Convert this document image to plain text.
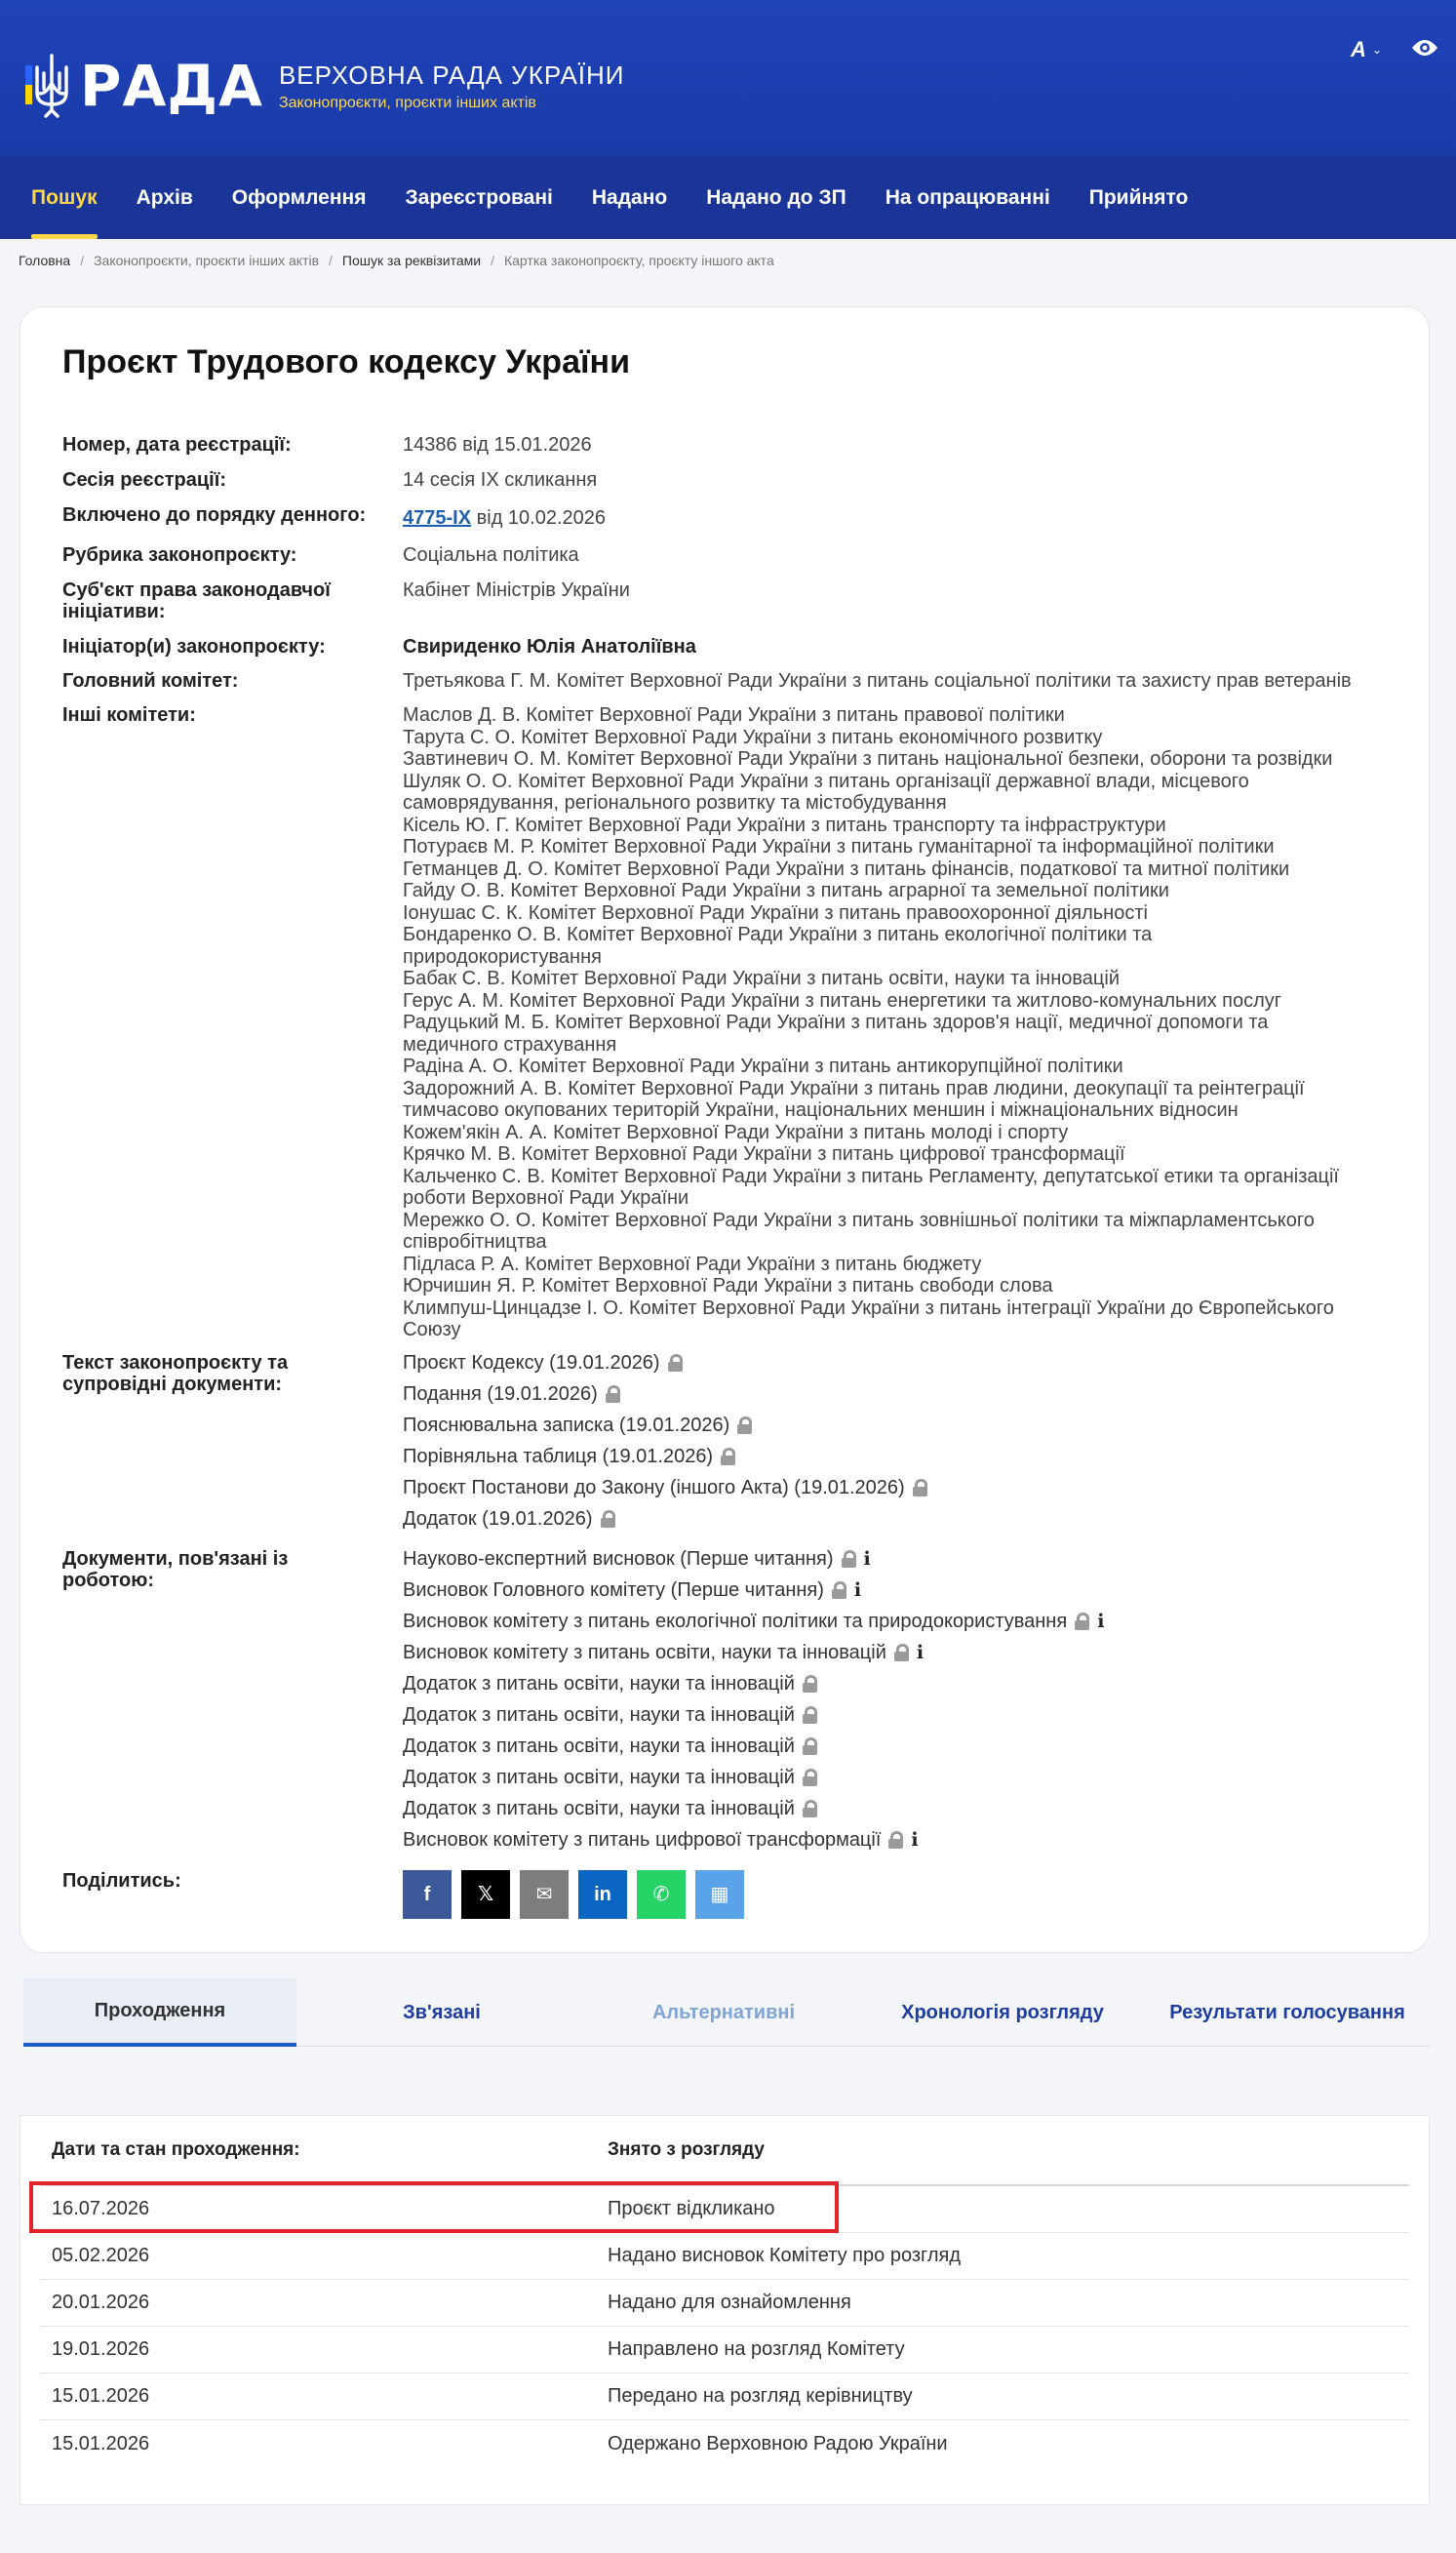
РАДА ВЕРХОВНА РАДА УКРАЇНИ
Законопроєкти, проєкти інших актів
A ⌄
Пошук	Архів	Оформлення	Зареєстровані	Надано	Надано до ЗП	На опрацюванні	Прийнято
Головна / Законопроєкти, проєкти інших актів / Пошук за реквізитами / Картка законопроєкту, проєкту іншого акта
Проєкт Трудового кодексу України
Номер, дата реєстрації:	14386 від 15.01.2026
Сесія реєстрації:	14 сесія IX скликання
Включено до порядку денного:	4775-IX від 10.02.2026
Рубрика законопроєкту:	Соціальна політика
Суб'єкт права законодавчої ініціативи:
Кабінет Міністрів України
Ініціатор(и) законопроєкту:	Свириденко Юлія Анатоліївна
Головний комітет:	Третьякова Г. М. Комітет Верховної Ради України з питань соціальної політики та захисту прав ветеранів
Інші комітети:	Маслов Д. В. Комітет Верховної Ради України з питань правової політики
Тарута С. О. Комітет Верховної Ради України з питань економічного розвитку
Завтиневич О. М. Комітет Верховної Ради України з питань національної безпеки, оборони та розвідки
Шуляк О. О. Комітет Верховної Ради України з питань організації державної влади, місцевого
самоврядування, регіонального розвитку та містобудування
Кісель Ю. Г. Комітет Верховної Ради України з питань транспорту та інфраструктури
Потураєв М. Р. Комітет Верховної Ради України з питань гуманітарної та інформаційної політики
Гетманцев Д. О. Комітет Верховної Ради України з питань фінансів, податкової та митної політики
Гайду О. В. Комітет Верховної Ради України з питань аграрної та земельної політики
Іонушас С. К. Комітет Верховної Ради України з питань правоохоронної діяльності
Бондаренко О. В. Комітет Верховної Ради України з питань екологічної політики та
природокористування
Бабак С. В. Комітет Верховної Ради України з питань освіти, науки та інновацій
Герус А. М. Комітет Верховної Ради України з питань енергетики та житлово-комунальних послуг
Радуцький М. Б. Комітет Верховної Ради України з питань здоров'я нації, медичної допомоги та
медичного страхування
Радіна А. О. Комітет Верховної Ради України з питань антикорупційної політики
Задорожний А. В. Комітет Верховної Ради України з питань прав людини, деокупації та реінтеграції
тимчасово окупованих територій України, національних меншин і міжнаціональних відносин
Кожем'якін А. А. Комітет Верховної Ради України з питань молоді і спорту
Крячко М. В. Комітет Верховної Ради України з питань цифрової трансформації
Кальченко С. В. Комітет Верховної Ради України з питань Регламенту, депутатської етики та організації
роботи Верховної Ради України
Мережко О. О. Комітет Верховної Ради України з питань зовнішньої політики та міжпарламентського
співробітництва
Підласа Р. А. Комітет Верховної Ради України з питань бюджету
Юрчишин Я. Р. Комітет Верховної Ради України з питань свободи слова
Климпуш-Цинцадзе І. О. Комітет Верховної Ради України з питань інтеграції України до Європейського
Союзу
Текст законопроєкту та супровідні документи:
Проєкт Кодексу (19.01.2026)
Подання (19.01.2026)
Пояснювальна записка (19.01.2026)
Порівняльна таблиця (19.01.2026)
Проєкт Постанови до Закону (іншого Акта) (19.01.2026)
Додаток (19.01.2026)
Документи, пов'язані із роботою:
Науково-експертний висновок (Перше читання) i
Висновок Головного комітету (Перше читання) i
Висновок комітету з питань екологічної політики та природокористування i
Висновок комітету з питань освіти, науки та інновацій i
Додаток з питань освіти, науки та інновацій
Додаток з питань освіти, науки та інновацій
Додаток з питань освіти, науки та інновацій
Додаток з питань освіти, науки та інновацій
Додаток з питань освіти, науки та інновацій
Висновок комітету з питань цифрової трансформації i
Поділитись:
f	𝕏	✉	in	✆	▦
Проходження	Зв'язані	Альтернативні	Хронологія розгляду	Результати голосування
Дати та стан проходження:	Знято з розгляду
16.07.2026	Проєкт відкликано
05.02.2026	Надано висновок Комітету про розгляд
20.01.2026	Надано для ознайомлення
19.01.2026	Направлено на розгляд Комітету
15.01.2026	Передано на розгляд керівництву
15.01.2026	Одержано Верховною Радою України
